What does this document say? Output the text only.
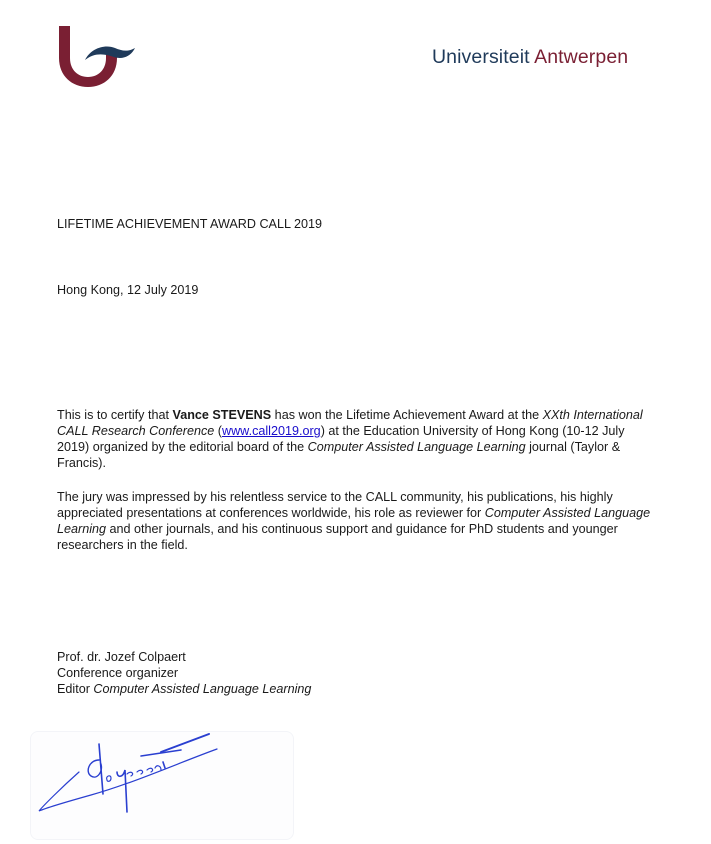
Universiteit Antwerpen
LIFETIME ACHIEVEMENT AWARD CALL 2019
Hong Kong, 12 July 2019
This is to certify that Vance STEVENS has won the Lifetime Achievement Award at the XXth International CALL Research Conference (www.call2019.org) at the Education University of Hong Kong (10-12 July 2019) organized by the editorial board of the Computer Assisted Language Learning journal (Taylor & Francis).
The jury was impressed by his relentless service to the CALL community, his publications, his highly appreciated presentations at conferences worldwide, his role as reviewer for Computer Assisted Language Learning and other journals, and his continuous support and guidance for PhD students and younger researchers in the field.
Prof. dr. Jozef Colpaert
Conference organizer
Editor Computer Assisted Language Learning
